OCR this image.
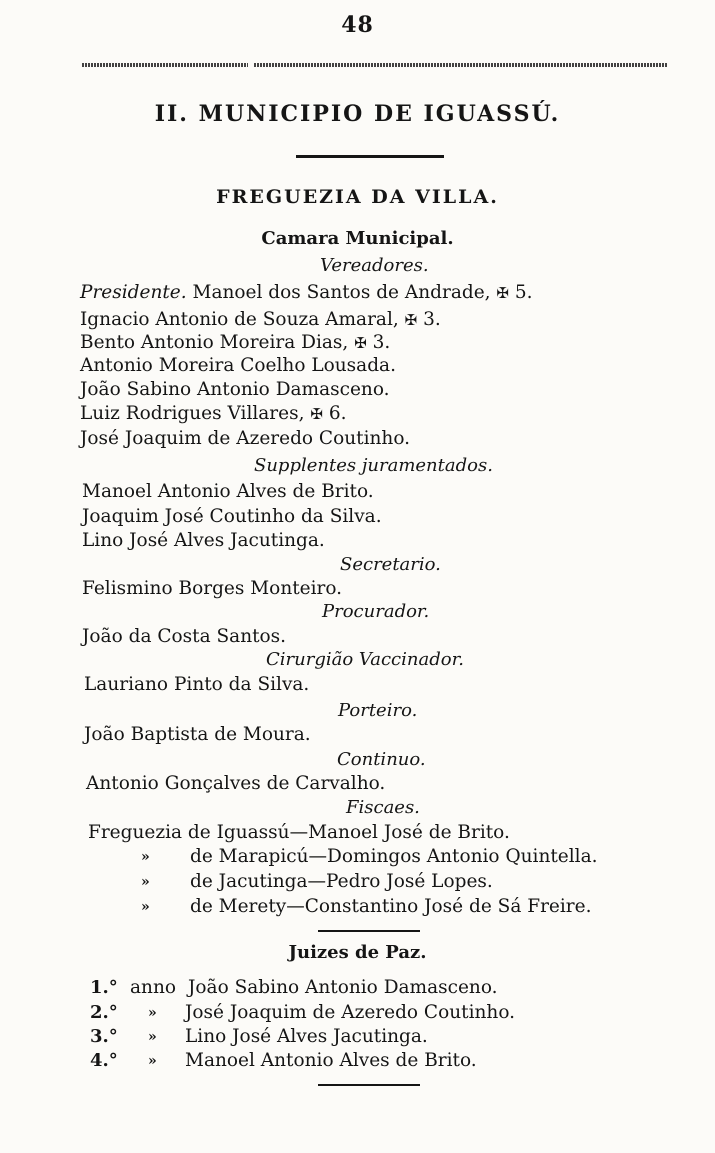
48
II. MUNICIPIO DE IGUASSÚ.
FREGUEZIA DA VILLA.
Camara Municipal.
Vereadores.
Presidente. Manoel dos Santos de Andrade, ✠ 5.
Ignacio Antonio de Souza Amaral, ✠ 3.
Bento Antonio Moreira Dias, ✠ 3.
Antonio Moreira Coelho Lousada.
João Sabino Antonio Damasceno.
Luiz Rodrigues Villares, ✠ 6.
José Joaquim de Azeredo Coutinho.
Supplentes juramentados.
Manoel Antonio Alves de Brito.
Joaquim José Coutinho da Silva.
Lino José Alves Jacutinga.
Secretario.
Felismino Borges Monteiro.
Procurador.
João da Costa Santos.
Cirurgião Vaccinador.
Lauriano Pinto da Silva.
Porteiro.
João Baptista de Moura.
Continuo.
Antonio Gonçalves de Carvalho.
Fiscaes.
Freguezia de Iguassú—Manoel José de Brito.
» de Marapicú—Domingos Antonio Quintella.
» de Jacutinga—Pedro José Lopes.
» de Merety—Constantino José de Sá Freire.
Juizes de Paz.
1.° anno João Sabino Antonio Damasceno.
2.° » José Joaquim de Azeredo Coutinho.
3.° » Lino José Alves Jacutinga.
4.° » Manoel Antonio Alves de Brito.
